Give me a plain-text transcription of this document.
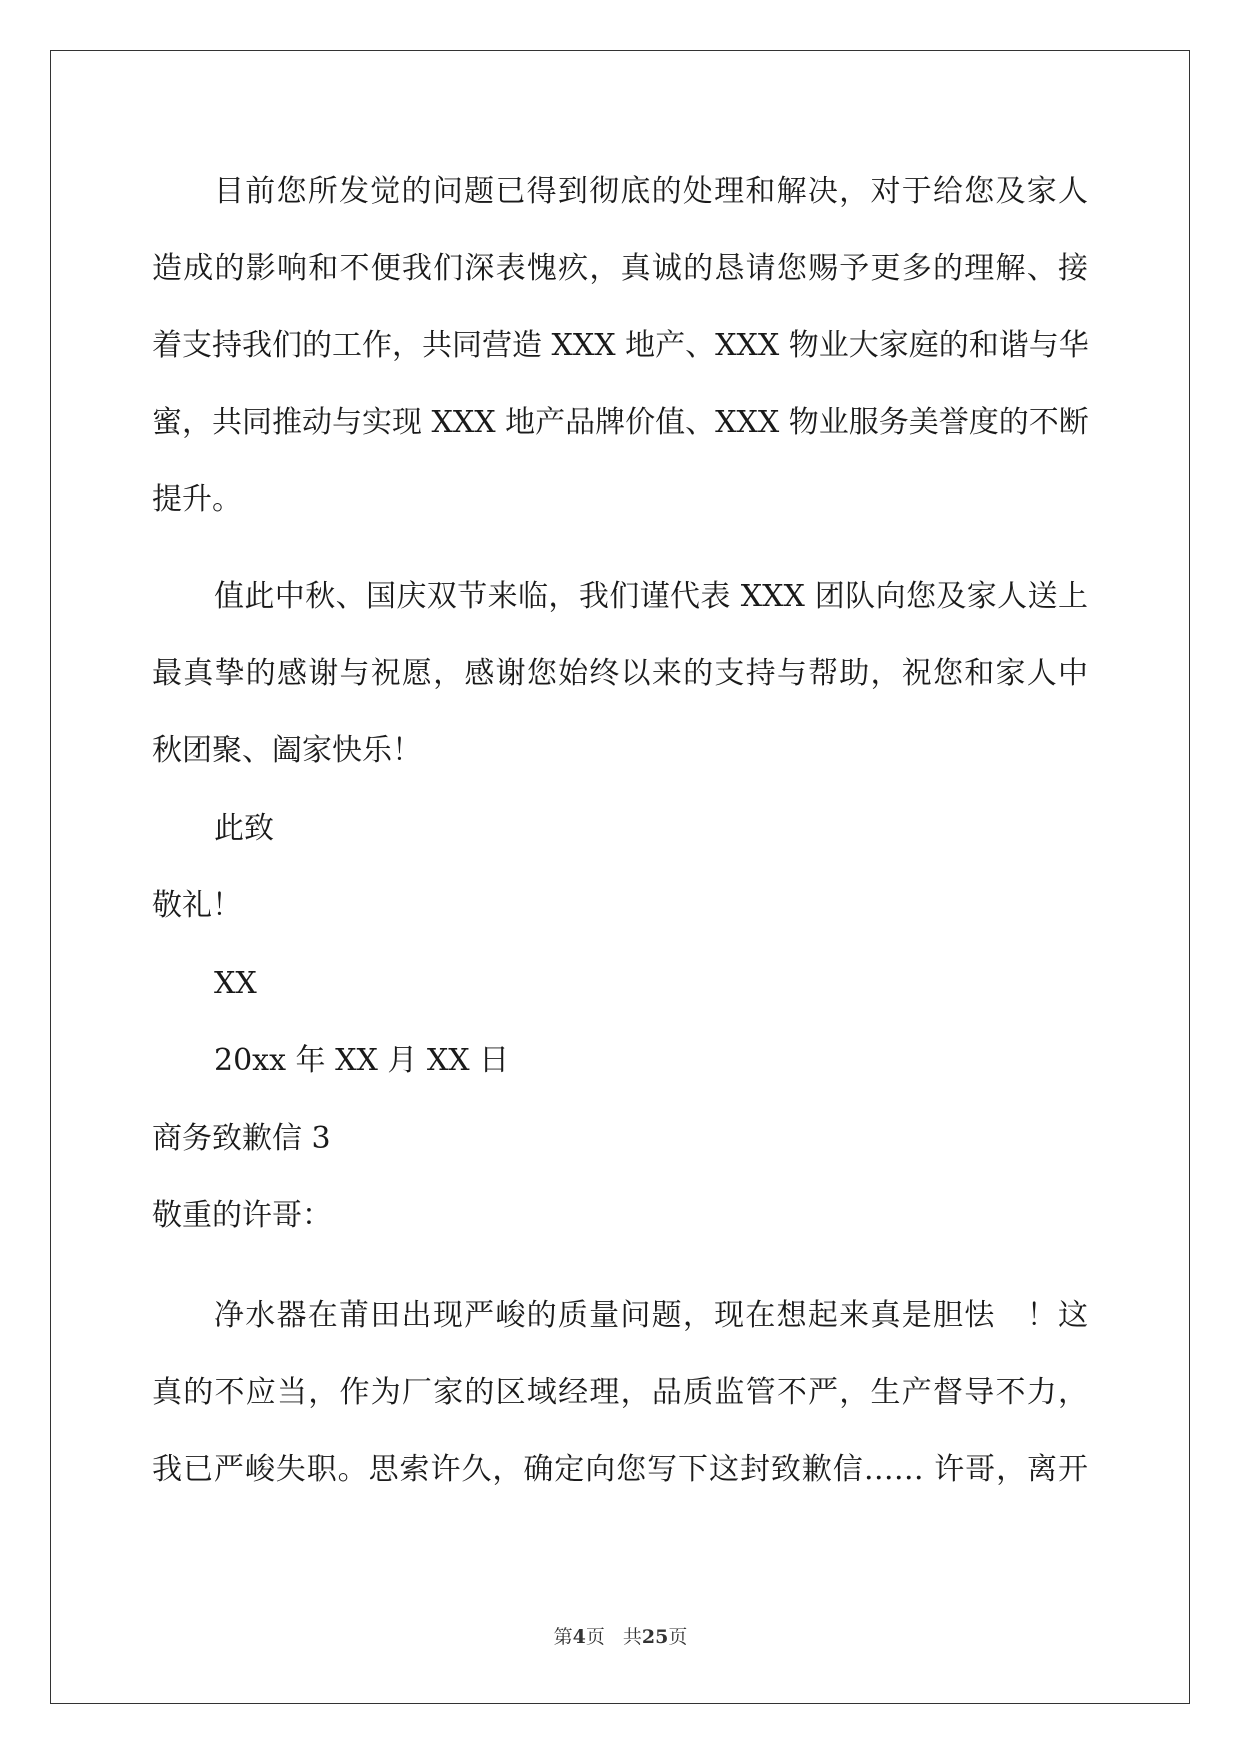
目前您所发觉的问题已得到彻底的处理和解决，对于给您及家人
造成的影响和不便我们深表愧疚，真诚的恳请您赐予更多的理解、接
着支持我们的工作，共同营造 XXX 地产、XXX 物业大家庭的和谐与华
蜜，共同推动与实现 XXX 地产品牌价值、XXX 物业服务美誉度的不断
提升。
值此中秋、国庆双节来临，我们谨代表 XXX 团队向您及家人送上
最真挚的感谢与祝愿，感谢您始终以来的支持与帮助，祝您和家人中
秋团聚、阖家快乐！
此致
敬礼！
XX
20xx 年 XX 月 XX 日
商务致歉信 3
敬重的许哥：
净水器在莆田出现严峻的质量问题，现在想起来真是胆怯　！这
真的不应当，作为厂家的区域经理，品质监管不严，生产督导不力，
我已严峻失职。思索许久，确定向您写下这封致歉信…… 许哥，离开
第4页 共25页
